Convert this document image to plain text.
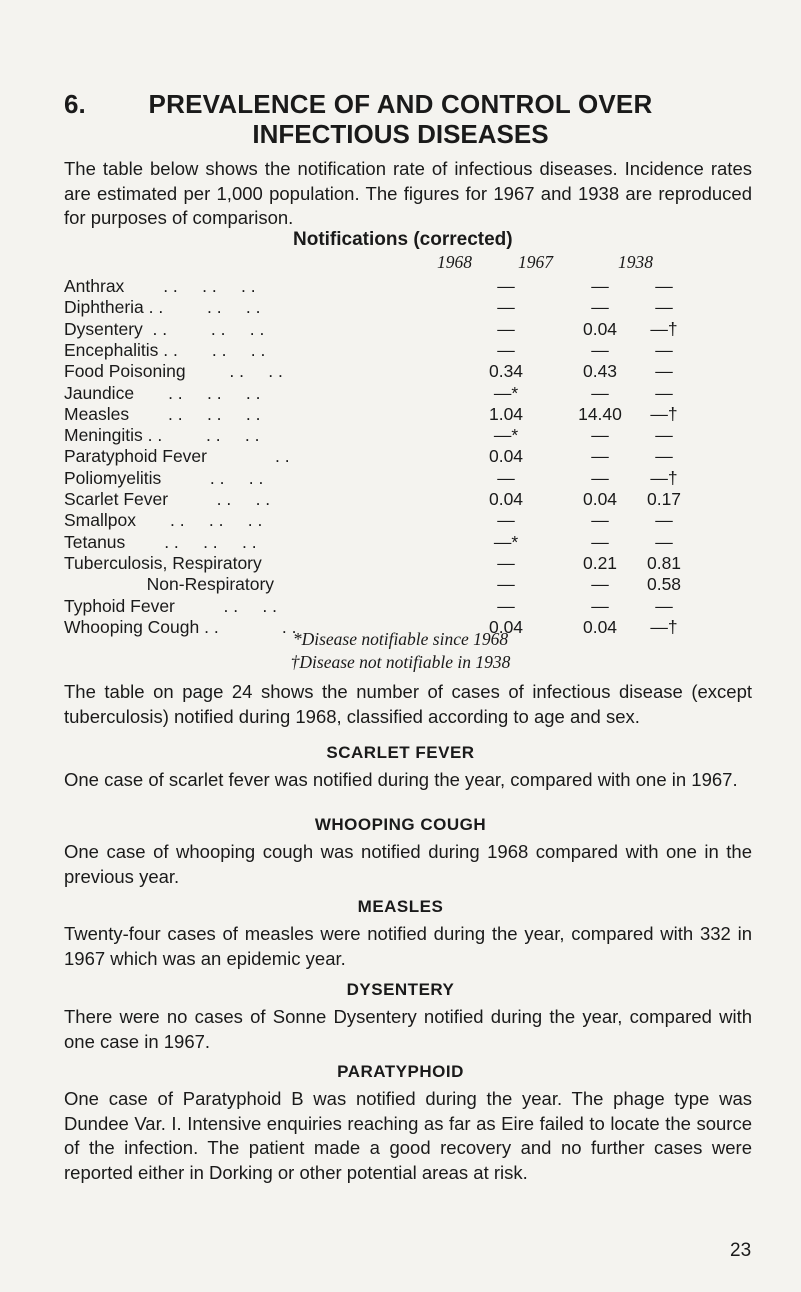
6.	PREVALENCE OF AND CONTROL OVER
INFECTIOUS DISEASES
The table below shows the notification rate of infectious diseases. Incidence rates are estimated per 1,000 population. The figures for 1967 and 1938 are reproduced for purposes of comparison.
Notifications (corrected)
1968	1967	1938
Anthrax        . .     . .     . .	—	—	—
Diphtheria . .         . .     . .	—	—	—
Dysentery  . .         . .     . .	—	0.04	—†
Encephalitis . .       . .     . .	—	—	—
Food Poisoning         . .     . .	0.34	0.43	—
Jaundice       . .     . .     . .	—*	—	—
Measles        . .     . .     . .	1.04	14.40	—†
Meningitis . .         . .     . .	—*	—	—
Paratyphoid Fever              . .	0.04	—	—
Poliomyelitis          . .     . .	—	—	—†
Scarlet Fever          . .     . .	0.04	0.04	0.17
Smallpox       . .     . .     . .	—	—	—
Tetanus        . .     . .     . .	—*	—	—
Tuberculosis, Respiratory	—	0.21	0.81
Non-Respiratory	—	—	0.58
Typhoid Fever          . .     . .	—	—	—
Whooping Cough . .             . .	0.04	0.04	—†
*Disease notifiable since 1968
†Disease not notifiable in 1938
The table on page 24 shows the number of cases of infectious disease (except tuberculosis) notified during 1968, classified according to age and sex.
SCARLET FEVER
One case of scarlet fever was notified during the year, compared with one in 1967.
WHOOPING COUGH
One case of whooping cough was notified during 1968 compared with one in the previous year.
MEASLES
Twenty-four cases of measles were notified during the year, compared with 332 in 1967 which was an epidemic year.
DYSENTERY
There were no cases of Sonne Dysentery notified during the year, compared with one case in 1967.
PARATYPHOID
One case of Paratyphoid B was notified during the year. The phage type was Dundee Var. I. Intensive enquiries reaching as far as Eire failed to locate the source of the infection. The patient made a good recovery and no further cases were reported either in Dorking or other potential areas at risk.
23
